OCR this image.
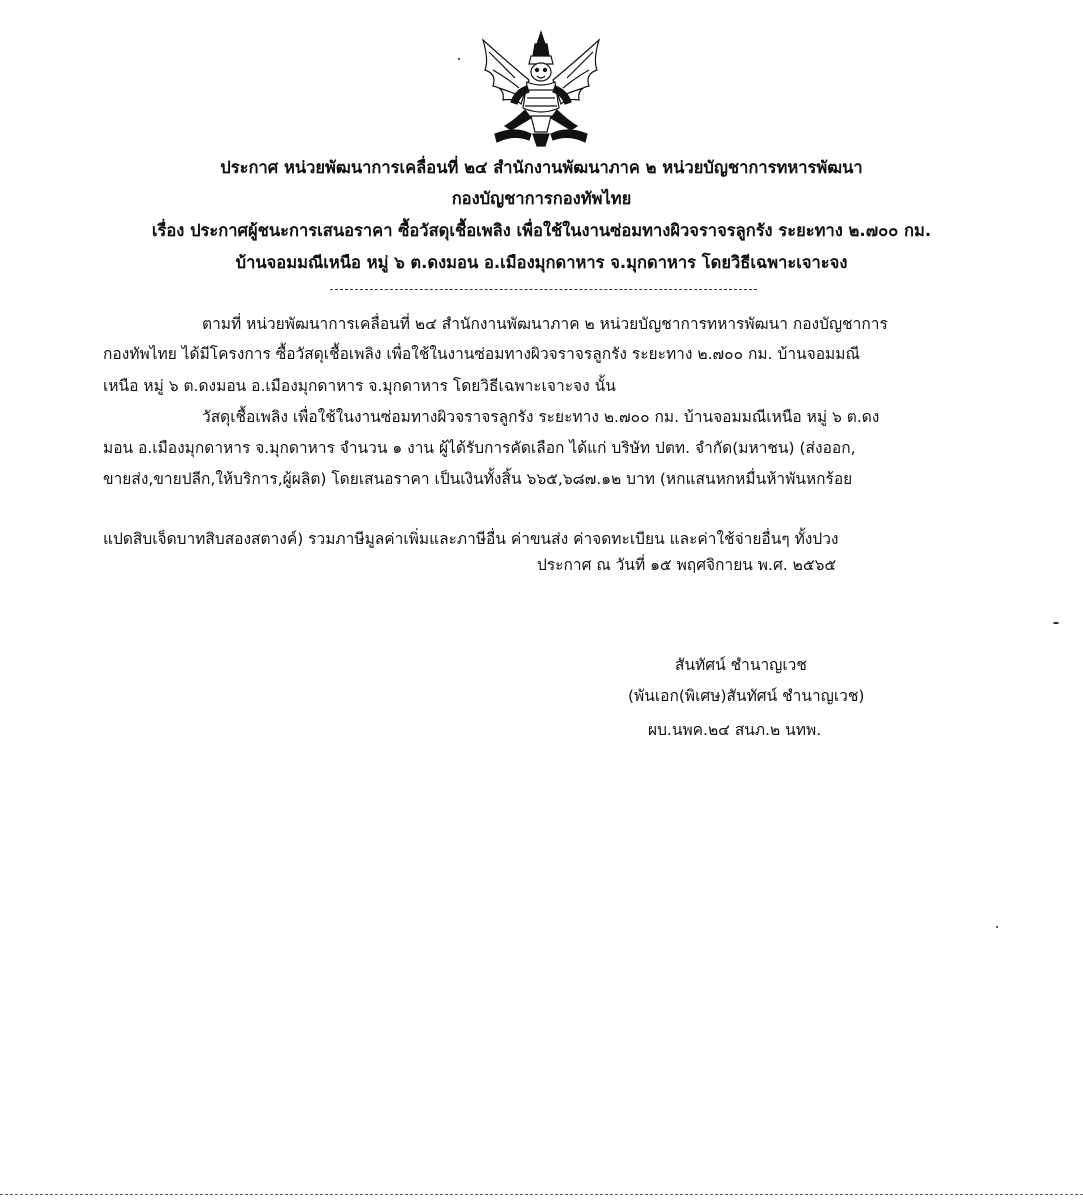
ประกาศ หน่วยพัฒนาการเคลื่อนที่ ๒๔ สำนักงานพัฒนาภาค ๒ หน่วยบัญชาการทหารพัฒนา
กองบัญชาการกองทัพไทย
เรื่อง ประกาศผู้ชนะการเสนอราคา ซื้อวัสดุเชื้อเพลิง เพื่อใช้ในงานซ่อมทางผิวจราจรลูกรัง ระยะทาง ๒.๗๐๐ กม.
บ้านจอมมณีเหนือ หมู่ ๖ ต.ดงมอน อ.เมืองมุกดาหาร จ.มุกดาหาร โดยวิธีเฉพาะเจาะจง
ตามที่ หน่วยพัฒนาการเคลื่อนที่ ๒๔ สำนักงานพัฒนาภาค ๒ หน่วยบัญชาการทหารพัฒนา กองบัญชาการ
กองทัพไทย ได้มีโครงการ ซื้อวัสดุเชื้อเพลิง เพื่อใช้ในงานซ่อมทางผิวจราจรลูกรัง ระยะทาง ๒.๗๐๐ กม. บ้านจอมมณี
เหนือ หมู่ ๖ ต.ดงมอน อ.เมืองมุกดาหาร จ.มุกดาหาร โดยวิธีเฉพาะเจาะจง นั้น
วัสดุเชื้อเพลิง เพื่อใช้ในงานซ่อมทางผิวจราจรลูกรัง ระยะทาง ๒.๗๐๐ กม. บ้านจอมมณีเหนือ หมู่ ๖ ต.ดง
มอน อ.เมืองมุกดาหาร จ.มุกดาหาร จำนวน ๑ งาน ผู้ได้รับการคัดเลือก ได้แก่ บริษัท ปตท. จำกัด(มหาชน) (ส่งออก,
ขายส่ง,ขายปลีก,ให้บริการ,ผู้ผลิต) โดยเสนอราคา เป็นเงินทั้งสิ้น ๖๖๕,๖๘๗.๑๒ บาท (หกแสนหกหมื่นห้าพันหกร้อย
แปดสิบเจ็ดบาทสิบสองสตางค์) รวมภาษีมูลค่าเพิ่มและภาษีอื่น ค่าขนส่ง ค่าจดทะเบียน และค่าใช้จ่ายอื่นๆ ทั้งปวง
ประกาศ ณ วันที่ ๑๕ พฤศจิกายน พ.ศ. ๒๕๖๕
สันทัศน์ ชำนาญเวช
(พันเอก(พิเศษ)สันทัศน์ ชำนาญเวช)
ผบ.นพค.๒๔ สนภ.๒ นทพ.
